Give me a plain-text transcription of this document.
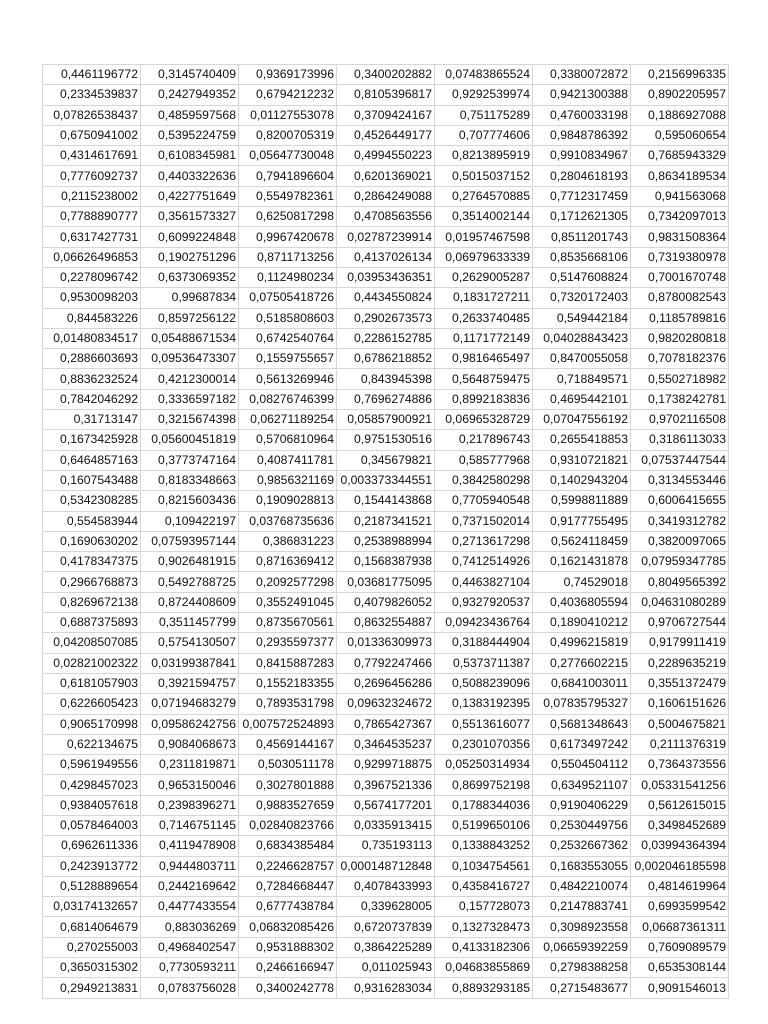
0,4461196772	0,3145740409	0,9369173996	0,3400202882	0,07483865524	0,3380072872	0,2156996335
0,2334539837	0,2427949352	0,6794212232	0,8105396817	0,9292539974	0,9421300388	0,8902205957
0,07826538437	0,4859597568	0,01127553078	0,3709424167	0,751175289	0,4760033198	0,1886927088
0,6750941002	0,5395224759	0,8200705319	0,4526449177	0,707774606	0,9848786392	0,595060654
0,4314617691	0,6108345981	0,05647730048	0,4994550223	0,8213895919	0,9910834967	0,7685943329
0,7776092737	0,4403322636	0,7941896604	0,6201369021	0,5015037152	0,2804618193	0,8634189534
0,2115238002	0,4227751649	0,5549782361	0,2864249088	0,2764570885	0,7712317459	0,941563068
0,7788890777	0,3561573327	0,6250817298	0,4708563556	0,3514002144	0,1712621305	0,7342097013
0,6317427731	0,6099224848	0,9967420678	0,02787239914	0,01957467598	0,8511201743	0,9831508364
0,06626496853	0,1902751296	0,8711713256	0,4137026134	0,06979633339	0,8535668106	0,7319380978
0,2278096742	0,6373069352	0,1124980234	0,03953436351	0,2629005287	0,5147608824	0,7001670748
0,9530098203	0,99687834	0,07505418726	0,4434550824	0,1831727211	0,7320172403	0,8780082543
0,844583226	0,8597256122	0,5185808603	0,2902673573	0,2633740485	0,549442184	0,1185789816
0,01480834517	0,05488671534	0,6742540764	0,2286152785	0,1171772149	0,04028843423	0,9820280818
0,2886603693	0,09536473307	0,1559755657	0,6786218852	0,9816465497	0,8470055058	0,7078182376
0,8836232524	0,4212300014	0,5613269946	0,843945398	0,5648759475	0,718849571	0,5502718982
0,7842046292	0,3336597182	0,08276746399	0,7696274886	0,8992183836	0,4695442101	0,1738242781
0,31713147	0,3215674398	0,06271189254	0,05857900921	0,06965328729	0,07047556192	0,9702116508
0,1673425928	0,05600451819	0,5706810964	0,9751530516	0,217896743	0,2655418853	0,3186113033
0,6464857163	0,3773747164	0,4087411781	0,345679821	0,585777968	0,9310721821	0,07537447544
0,1607543488	0,8183348663	0,9856321169	0,003373344551	0,3842580298	0,1402943204	0,3134553446
0,5342308285	0,8215603436	0,1909028813	0,1544143868	0,7705940548	0,5998811889	0,6006415655
0,554583944	0,109422197	0,03768735636	0,2187341521	0,7371502014	0,9177755495	0,3419312782
0,1690630202	0,07593957144	0,386831223	0,2538988994	0,2713617298	0,5624118459	0,3820097065
0,4178347375	0,9026481915	0,8716369412	0,1568387938	0,7412514926	0,1621431878	0,07959347785
0,2966768873	0,5492788725	0,2092577298	0,03681775095	0,4463827104	0,74529018	0,8049565392
0,8269672138	0,8724408609	0,3552491045	0,4079826052	0,9327920537	0,4036805594	0,04631080289
0,6887375893	0,3511457799	0,8735670561	0,8632554887	0,09423436764	0,1890410212	0,9706727544
0,04208507085	0,5754130507	0,2935597377	0,01336309973	0,3188444904	0,4996215819	0,9179911419
0,02821002322	0,03199387841	0,8415887283	0,7792247466	0,5373711387	0,2776602215	0,2289635219
0,6181057903	0,3921594757	0,1552183355	0,2696456286	0,5088239096	0,6841003011	0,3551372479
0,6226605423	0,07194683279	0,7893531798	0,09632324672	0,1383192395	0,07835795327	0,1606151626
0,9065170998	0,09586242756	0,007572524893	0,7865427367	0,5513616077	0,5681348643	0,5004675821
0,622134675	0,9084068673	0,4569144167	0,3464535237	0,2301070356	0,6173497242	0,2111376319
0,5961949556	0,2311819871	0,5030511178	0,9299718875	0,05250314934	0,5504504112	0,7364373556
0,4298457023	0,9653150046	0,3027801888	0,3967521336	0,8699752198	0,6349521107	0,05331541256
0,9384057618	0,2398396271	0,9883527659	0,5674177201	0,1788344036	0,9190406229	0,5612615015
0,0578464003	0,7146751145	0,02840823766	0,0335913415	0,5199650106	0,2530449756	0,3498452689
0,6962611336	0,4119478908	0,6834385484	0,735193113	0,1338843252	0,2532667362	0,03994364394
0,2423913772	0,9444803711	0,2246628757	0,000148712848	0,1034754561	0,1683553055	0,002046185598
0,5128889654	0,2442169642	0,7284668447	0,4078433993	0,4358416727	0,4842210074	0,4814619964
0,03174132657	0,4477433554	0,6777438784	0,339628005	0,157728073	0,2147883741	0,6993599542
0,6814064679	0,883036269	0,06832085426	0,6720737839	0,1327328473	0,3098923558	0,06687361311
0,270255003	0,4968402547	0,9531888302	0,3864225289	0,4133182306	0,06659392259	0,7609089579
0,3650315302	0,7730593211	0,2466166947	0,011025943	0,04683855869	0,2798388258	0,6535308144
0,2949213831	0,0783756028	0,3400242778	0,9316283034	0,8893293185	0,2715483677	0,9091546013
